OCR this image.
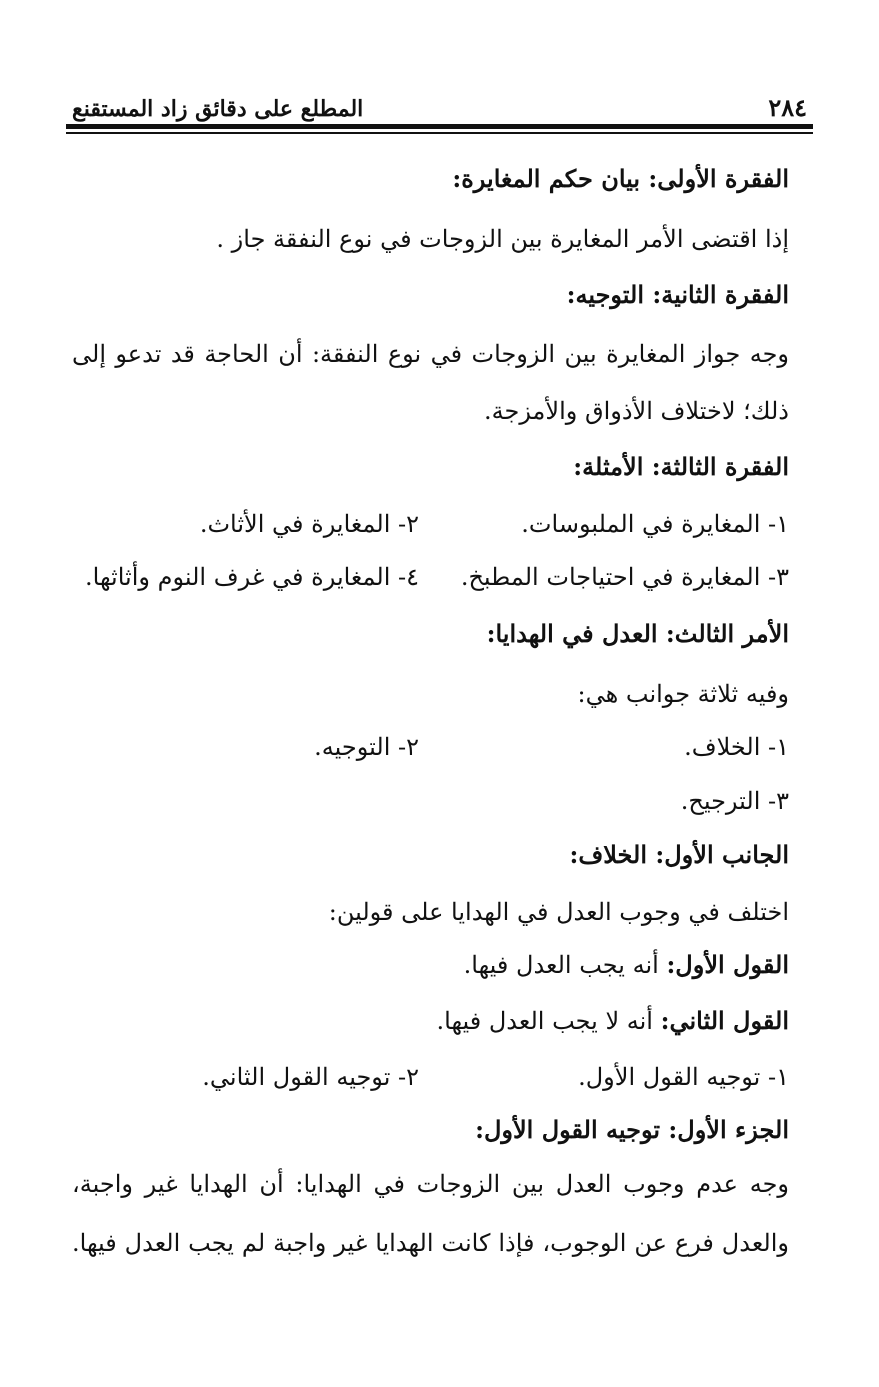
٢٨٤
المطلع على دقائق زاد المستقنع
الفقرة الأولى: بيان حكم المغايرة:
إذا اقتضى الأمر المغايرة بين الزوجات في نوع النفقة جاز .
الفقرة الثانية: التوجيه:
وجه جواز المغايرة بين الزوجات في نوع النفقة: أن الحاجة قد تدعو إلى
ذلك؛ لاختلاف الأذواق والأمزجة.
الفقرة الثالثة: الأمثلة:
١- المغايرة في الملبوسات.
٢- المغايرة في الأثاث.
٣- المغايرة في احتياجات المطبخ.
٤- المغايرة في غرف النوم وأثاثها.
الأمر الثالث: العدل في الهدايا:
وفيه ثلاثة جوانب هي:
١- الخلاف.
٢- التوجيه.
٣- الترجيح.
الجانب الأول: الخلاف:
اختلف في وجوب العدل في الهدايا على قولين:
القول الأول: أنه يجب العدل فيها.
القول الثاني: أنه لا يجب العدل فيها.
١- توجيه القول الأول.
٢- توجيه القول الثاني.
الجزء الأول: توجيه القول الأول:
وجه عدم وجوب العدل بين الزوجات في الهدايا: أن الهدايا غير واجبة،
والعدل فرع عن الوجوب، فإذا كانت الهدايا غير واجبة لم يجب العدل فيها.
